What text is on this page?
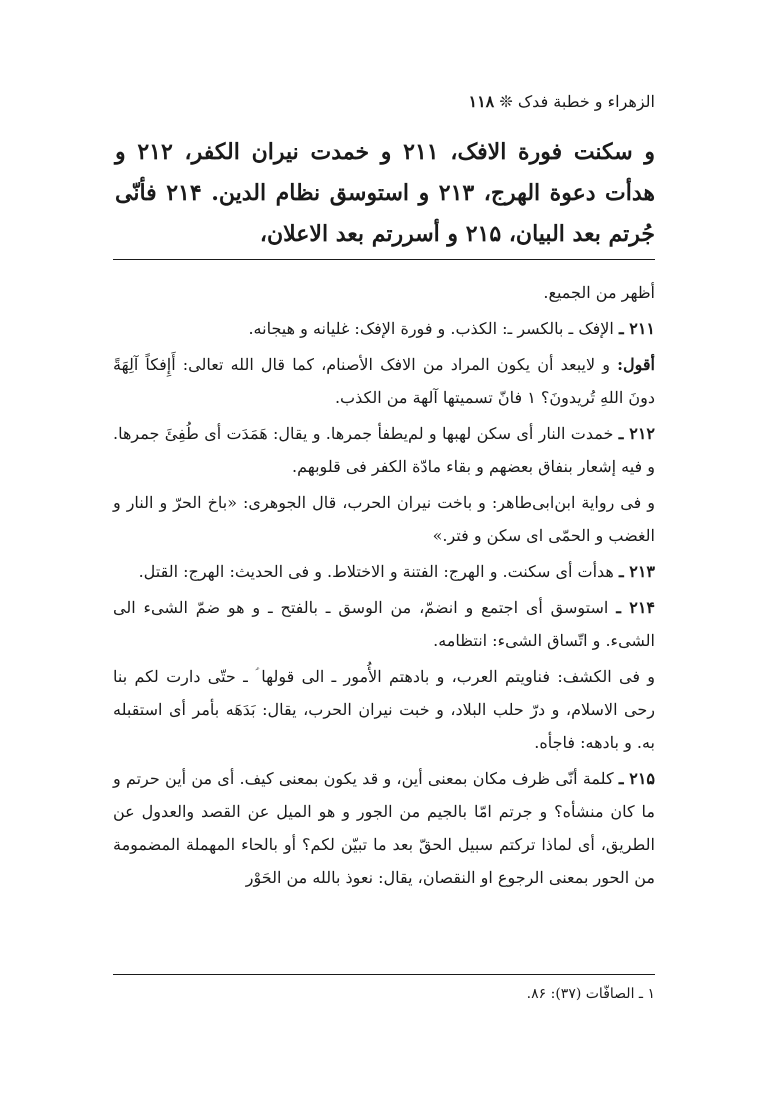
الزهراء و خطبة فدک ❊ ۱۱۸
و سکنت فورة الافک، ۲۱۱ و خمدت نیران الکفر، ۲۱۲ و هدأت دعوة الهرج، ۲۱۳ و استوسق نظام الدین. ۲۱۴ فأنّی جُرتم بعد البیان، ۲۱۵ و أسررتم بعد الاعلان،

أظهر من الجمیع.

۲۱۱ ـ الإفک ـ بالکسر ـ: الکذب. و فورة الإفک: غلیانه و هیجانه.

أقول: و لایبعد أن یکون المراد من الافک الأصنام، کما قال الله تعالی: أَإِفکاً آلِهَةً دونَ اللهِ تُریدونَ؟ ۱ فانّ تسمیتها آلهة من الکذب.

۲۱۲ ـ خمدت النار أی سکن لهبها و لم‌یطفأ جمرها. و یقال: هَمَدَت أی طُفِئَ جمرها. و فیه إشعار بنفاق بعضهم و بقاء مادّة الکفر فی قلوبهم.

و فی روایة ابن‌ابی‌طاهر: و باخت نیران الحرب، قال الجوهری: «باخ الحرّ و النار و الغضب و الحمّی ای سکن و فتر.»

۲۱۳ ـ هدأت أی سکنت. و الهرج: الفتنة و الاختلاط. و فی الحدیث: الهرج: القتل.

۲۱۴ ـ استوسق أی اجتمع و انضمّ، من الوسق ـ بالفتح ـ و هو ضمّ الشیء الی الشیء. و اتّساق الشیء: انتظامه.

و فی الکشف: فناویتم العرب، و بادهتم الأُمور ـ الی قولها ؑ ـ حتّی دارت لکم بنا رحی الاسلام، و درّ حلب البلاد، و خبت نیران الحرب، یقال: بَدَهَه بأمر أی استقبله به. و بادهه: فاجأه.

۲۱۵ ـ کلمة أنّی ظرف مکان بمعنی أین، و قد یکون بمعنی کیف. أی من أین حرتم و ما کان منشأه؟ و جرتم امّا بالجیم من الجور و هو المیل عن القصد والعدول عن الطریق، أی لماذا ترکتم سبیل الحقّ بعد ما تبیّن لکم؟ أو بالحاء المهملة المضمومة من الحور بمعنی الرجوع او النقصان، یقال: نعوذ بالله من الحَوْر

۱ ـ الصافّات (۳۷): ۸۶.
